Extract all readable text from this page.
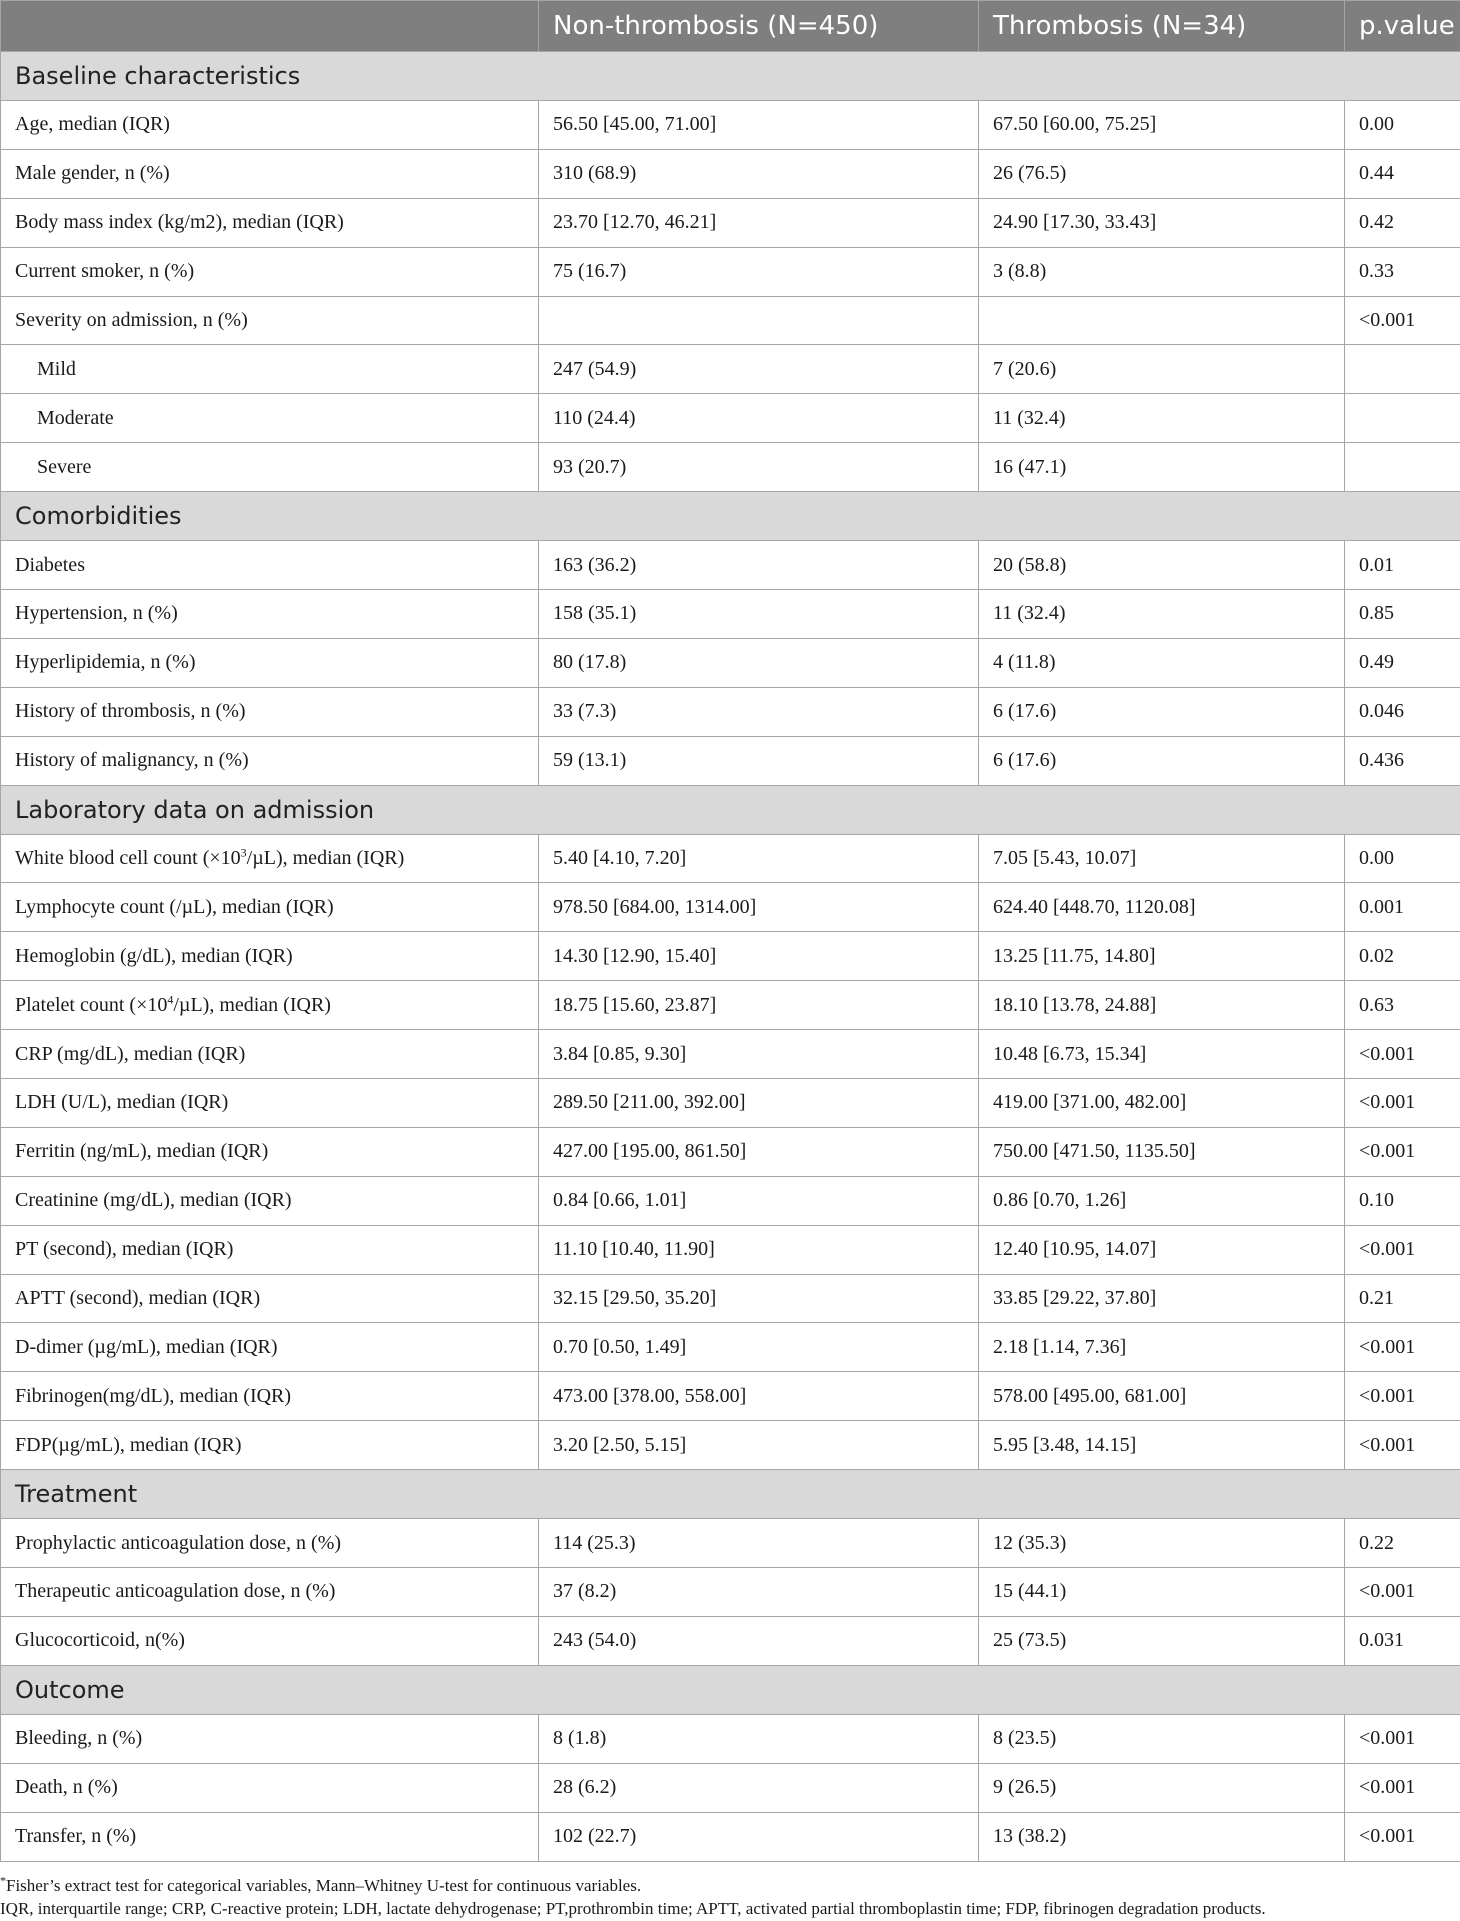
	Non-thrombosis (N=450)	Thrombosis (N=34)	p.value
Baseline characteristics			
Age, median (IQR)	56.50 [45.00, 71.00]	67.50 [60.00, 75.25]	0.00
Male gender, n (%)	310 (68.9)	26 (76.5)	0.44
Body mass index (kg/m2), median (IQR)	23.70 [12.70, 46.21]	24.90 [17.30, 33.43]	0.42
Current smoker, n (%)	75 (16.7)	3 (8.8)	0.33
Severity on admission, n (%)			<0.001
Mild	247 (54.9)	7 (20.6)	
Moderate	110 (24.4)	11 (32.4)	
Severe	93 (20.7)	16 (47.1)	
Comorbidities			
Diabetes	163 (36.2)	20 (58.8)	0.01
Hypertension, n (%)	158 (35.1)	11 (32.4)	0.85
Hyperlipidemia, n (%)	80 (17.8)	4 (11.8)	0.49
History of thrombosis, n (%)	33 (7.3)	6 (17.6)	0.046
History of malignancy, n (%)	59 (13.1)	6 (17.6)	0.436
Laboratory data on admission			
White blood cell count $(\times 10^3/\mu L)$, median (IQR)	5.40 [4.10, 7.20]	7.05 [5.43, 10.07]	0.00
Lymphocyte count (/µL), median (IQR)	978.50 [684.00, 1314.00]	624.40 [448.70, 1120.08]	0.001
Hemoglobin (g/dL), median (IQR)	14.30 [12.90, 15.40]	13.25 [11.75, 14.80]	0.02
Platelet count $(\times 10^4/\mu L)$, median (IQR)	18.75 [15.60, 23.87]	18.10 [13.78, 24.88]	0.63
CRP (mg/dL), median (IQR)	3.84 [0.85, 9.30]	10.48 [6.73, 15.34]	<0.001
LDH (U/L), median (IQR)	289.50 [211.00, 392.00]	419.00 [371.00, 482.00]	<0.001
Ferritin (ng/mL), median (IQR)	427.00 [195.00, 861.50]	750.00 [471.50, 1135.50]	<0.001
Creatinine (mg/dL), median (IQR)	0.84 [0.66, 1.01]	0.86 [0.70, 1.26]	0.10
PT (second), median (IQR)	11.10 [10.40, 11.90]	12.40 [10.95, 14.07]	<0.001
APTT (second), median (IQR)	32.15 [29.50, 35.20]	33.85 [29.22, 37.80]	0.21
D-dimer (µg/mL), median (IQR)	0.70 [0.50, 1.49]	2.18 [1.14, 7.36]	<0.001
Fibrinogen(mg/dL), median (IQR)	473.00 [378.00, 558.00]	578.00 [495.00, 681.00]	<0.001
FDP(µg/mL), median (IQR)	3.20 [2.50, 5.15]	5.95 [3.48, 14.15]	<0.001
Treatment			
Prophylactic anticoagulation dose, n (%)	114 (25.3)	12 (35.3)	0.22
Therapeutic anticoagulation dose, n (%)	37 (8.2)	15 (44.1)	<0.001
Glucocorticoid, n(%)	243 (54.0)	25 (73.5)	0.031
Outcome			
Bleeding, n (%)	8 (1.8)	8 (23.5)	<0.001
Death, n (%)	28 (6.2)	9 (26.5)	<0.001
Transfer, n (%)	102 (22.7)	13 (38.2)	<0.001
*Fisher’s extract test for categorical variables, Mann–Whitney U-test for continuous variables.
IQR, interquartile range; CRP, C-reactive protein; LDH, lactate dehydrogenase; PT,prothrombin time; APTT, activated partial thromboplastin time; FDP, fibrinogen degradation products.
